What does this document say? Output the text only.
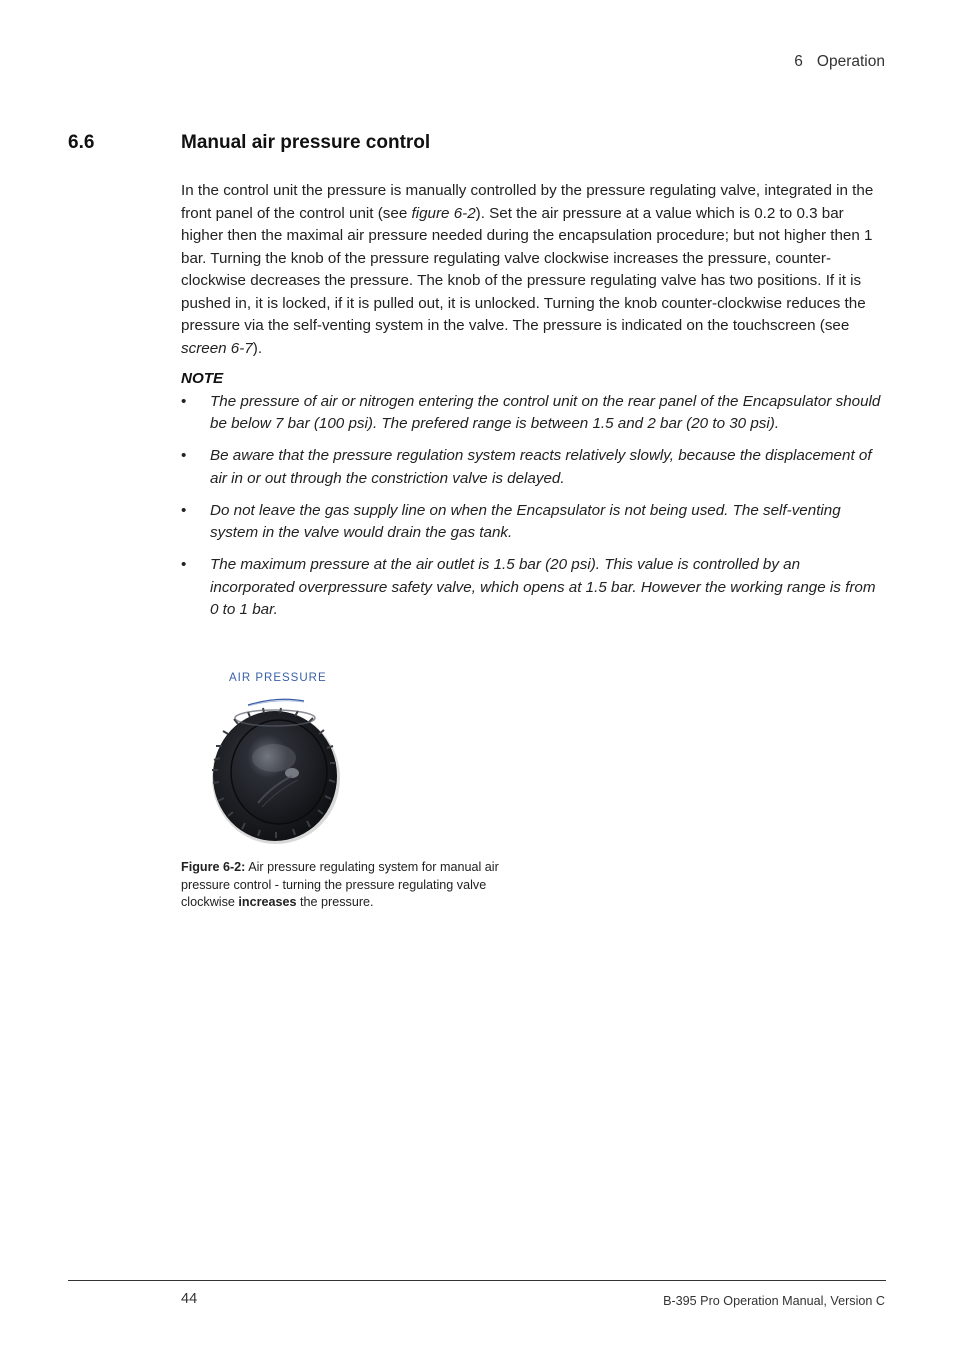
6 Operation
6.6	Manual air pressure control

In the control unit the pressure is manually controlled by the pressure regulating valve, integrated in the front panel of the control unit (see figure 6-2). Set the air pressure at a value which is 0.2 to 0.3 bar higher then the maximal air pressure needed during the encapsulation procedure; but not higher then 1 bar. Turning the knob of the pressure regulating valve clockwise increases the pressure, counter-clockwise decreases the pressure. The knob of the pressure regulating valve has two positions. If it is pushed in, it is locked, if it is pulled out, it is unlocked. Turning the knob counter-clockwise reduces the pressure via the self-venting system in the valve. The pressure is indicated on the touchscreen (see screen 6-7).

NOTE
• The pressure of air or nitrogen entering the control unit on the rear panel of the Encapsulator should be below 7 bar (100 psi). The prefered range is between 1.5 and 2 bar (20 to 30 psi).
• Be aware that the pressure regulation system reacts relatively slowly, because the displacement of air in or out through the constriction valve is delayed.
• Do not leave the gas supply line on when the Encapsulator is not being used. The self-venting system in the valve would drain the gas tank.
• The maximum pressure at the air outlet is 1.5 bar (20 psi). This value is controlled by an incorporated overpressure safety valve, which opens at 1.5 bar. However the working range is from 0 to 1 bar.
AIR PRESSURE
Figure 6-2: Air pressure regulating system for manual air pressure control - turning the pressure regulating valve clockwise increases the pressure.
44	B-395 Pro Operation Manual, Version C
